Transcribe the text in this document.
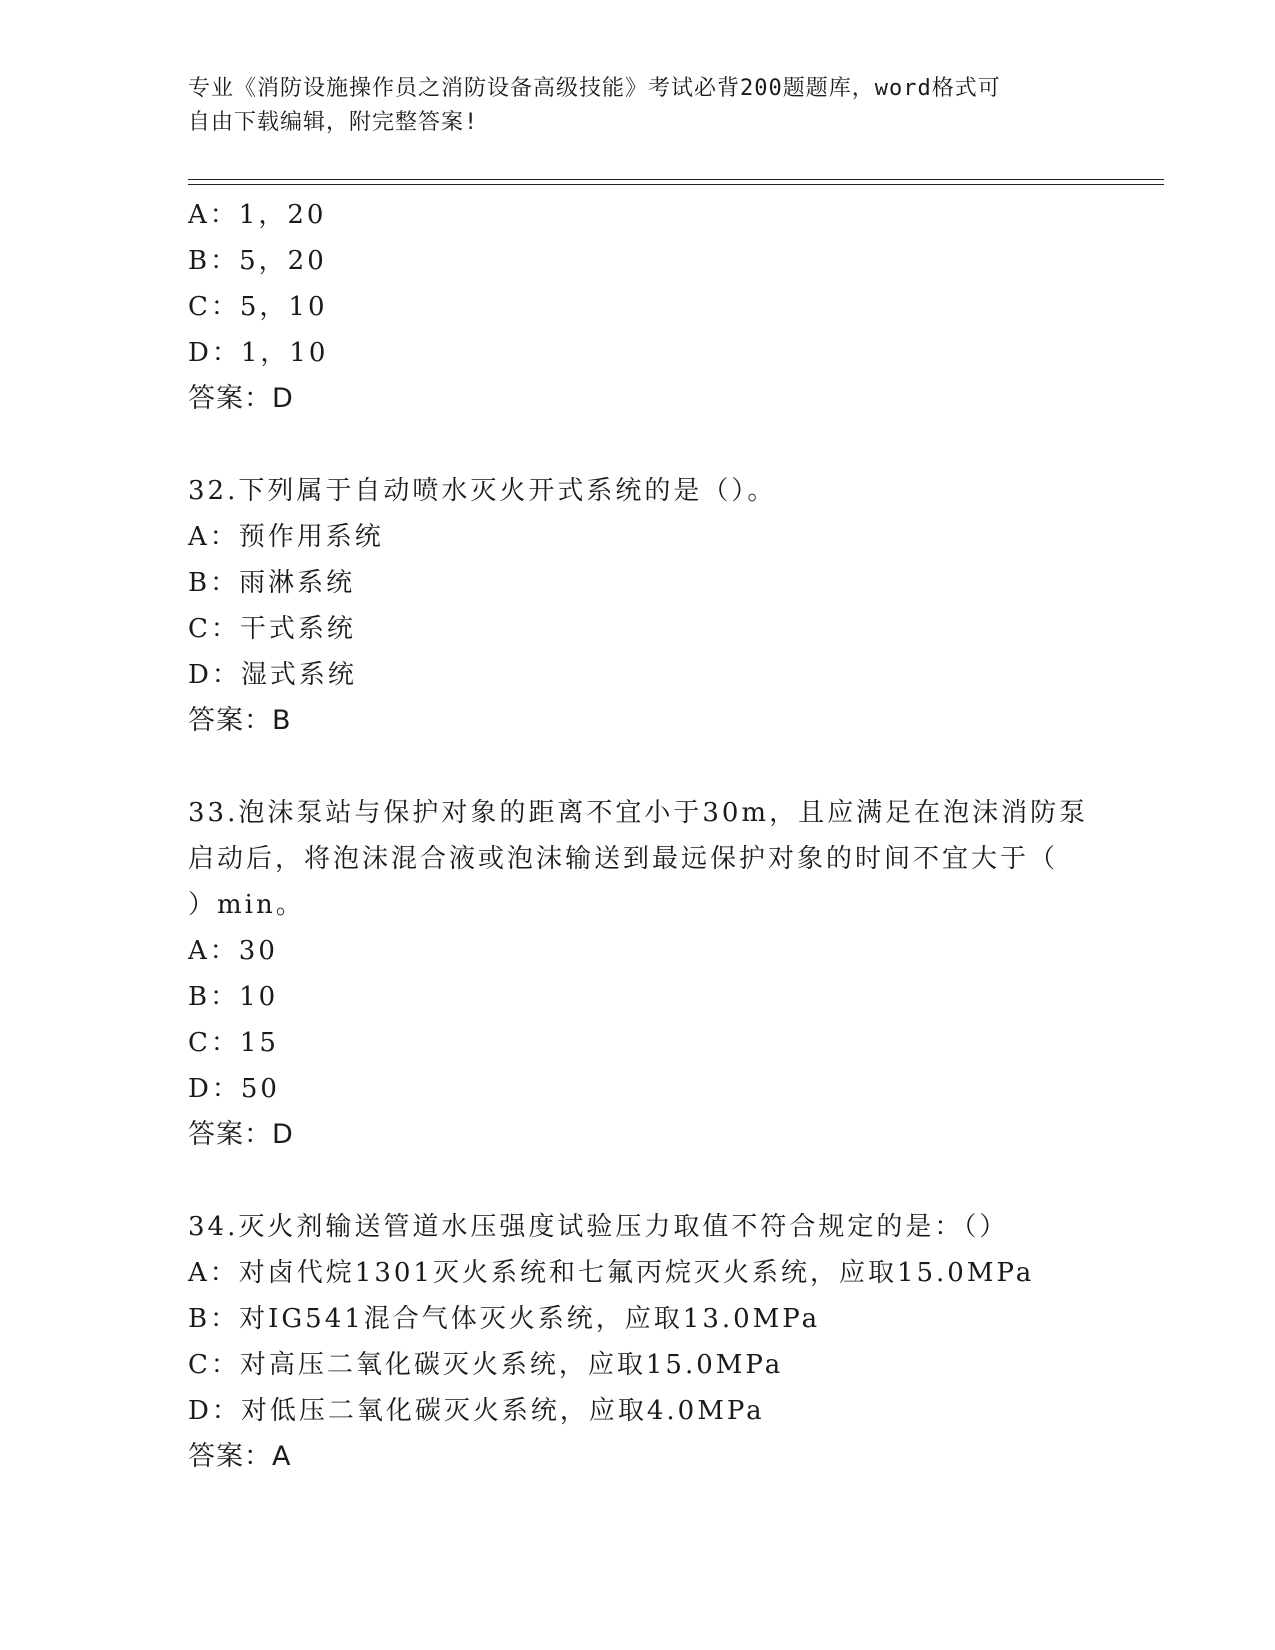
专业《消防设施操作员之消防设备高级技能》考试必背200题题库，word格式可
自由下载编辑，附完整答案!
A：1，20
B：5，20
C：5，10
D：1，10
答案：D
32.下列属于自动喷水灭火开式系统的是（）。
A：预作用系统
B：雨淋系统
C：干式系统
D：湿式系统
答案：B
33.泡沫泵站与保护对象的距离不宜小于30m，且应满足在泡沫消防泵
启动后，将泡沫混合液或泡沫输送到最远保护对象的时间不宜大于（
）min。
A：30
B：10
C：15
D：50
答案：D
34.灭火剂输送管道水压强度试验压力取值不符合规定的是：（）
A：对卤代烷1301灭火系统和七氟丙烷灭火系统，应取15.0MPa
B：对IG541混合气体灭火系统，应取13.0MPa
C：对高压二氧化碳灭火系统，应取15.0MPa
D：对低压二氧化碳灭火系统，应取4.0MPa
答案：A
